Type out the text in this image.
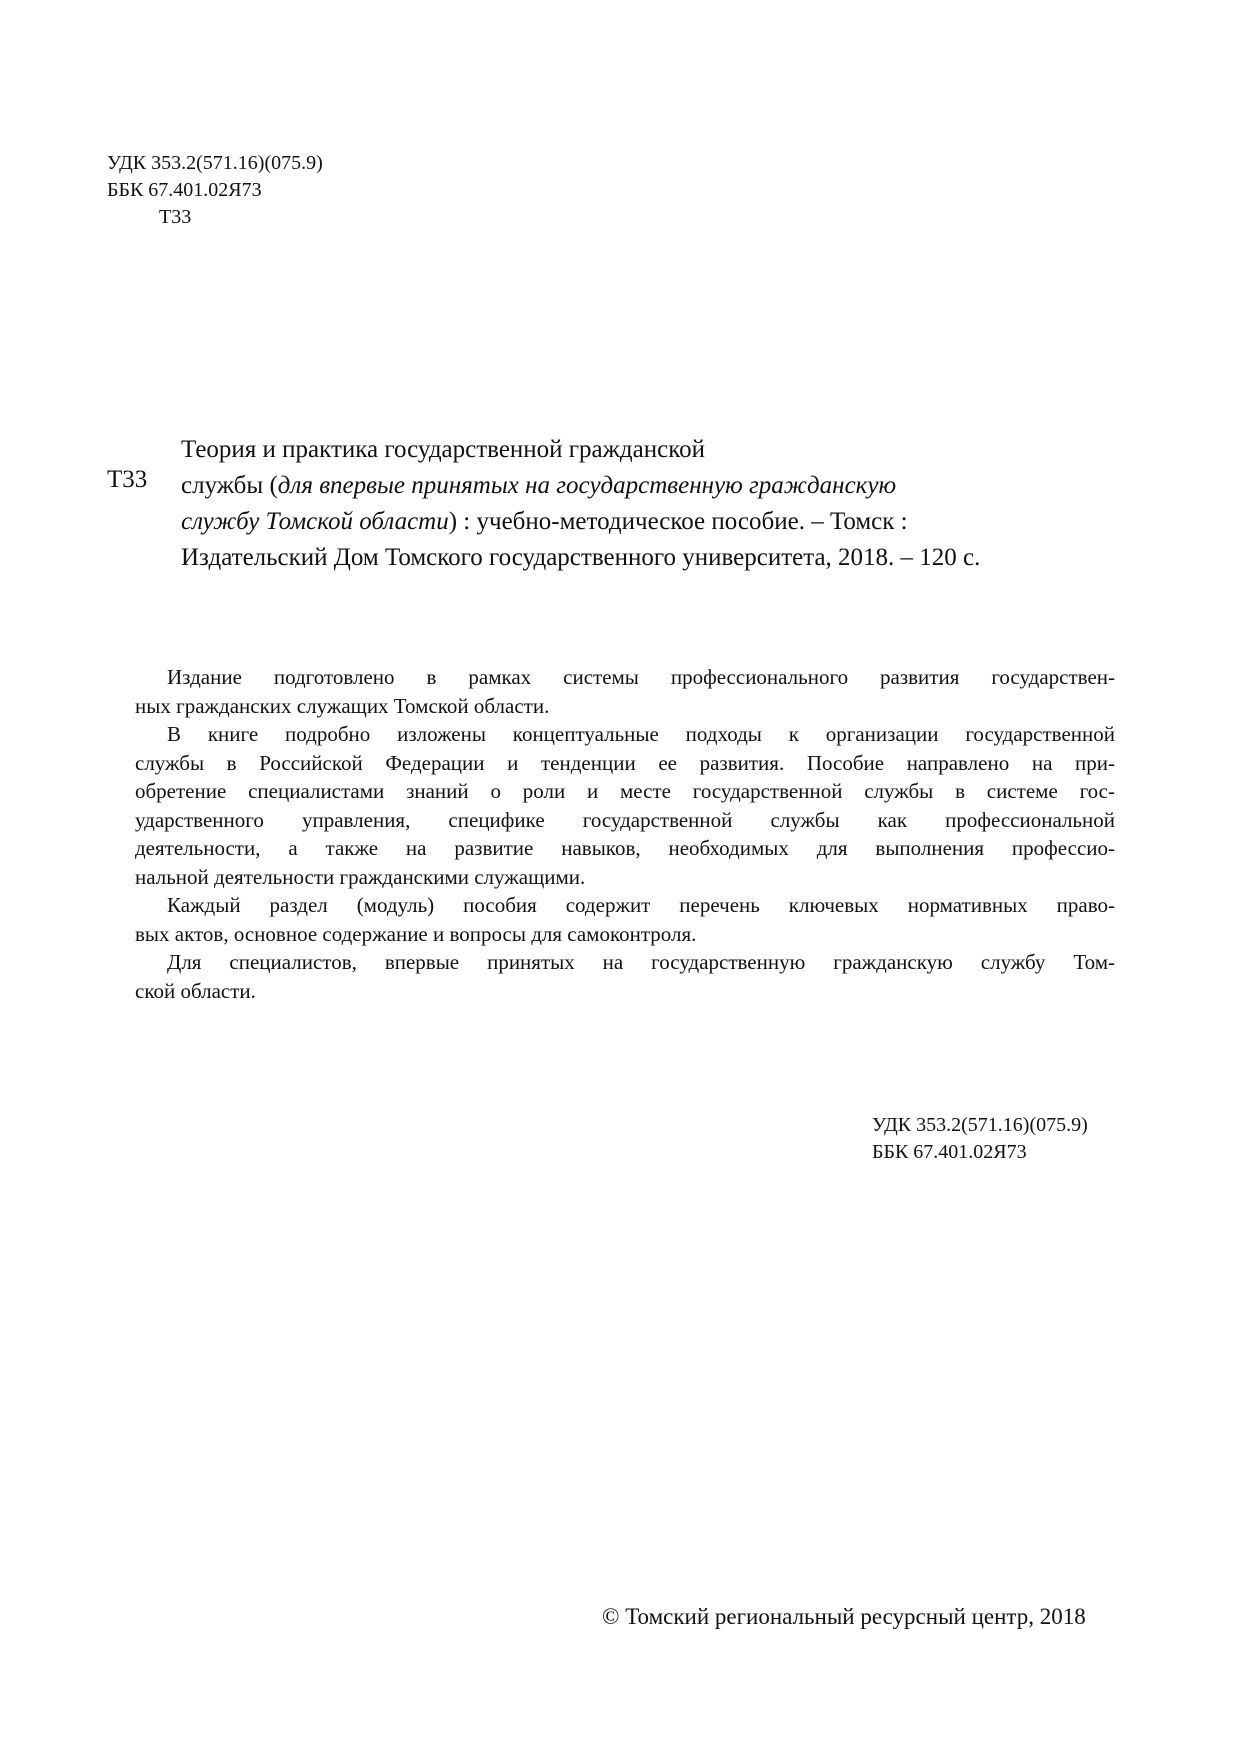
УДК 353.2(571.16)(075.9)
ББК 67.401.02Я73
Т33
Т33
Теория и практика государственной гражданской
службы (для впервые принятых на государственную гражданскую
службу Томской области) : учебно-методическое пособие. – Томск :
Издательский Дом Томского государственного университета, 2018. – 120 с.
Издание подготовлено в рамках системы профессионального развития государствен-
ных гражданских служащих Томской области.
В книге подробно изложены концептуальные подходы к организации государственной
службы в Российской Федерации и тенденции ее развития. Пособие направлено на при-
обретение специалистами знаний о роли и месте государственной службы в системе гос-
ударственного управления, специфике государственной службы как профессиональной
деятельности, а также на развитие навыков, необходимых для выполнения профессио-
нальной деятельности гражданскими служащими.
Каждый раздел (модуль) пособия содержит перечень ключевых нормативных право-
вых актов, основное содержание и вопросы для самоконтроля.
Для специалистов, впервые принятых на государственную гражданскую службу Том-
ской области.
УДК 353.2(571.16)(075.9)
ББК 67.401.02Я73
© Томский региональный ресурсный центр, 2018
